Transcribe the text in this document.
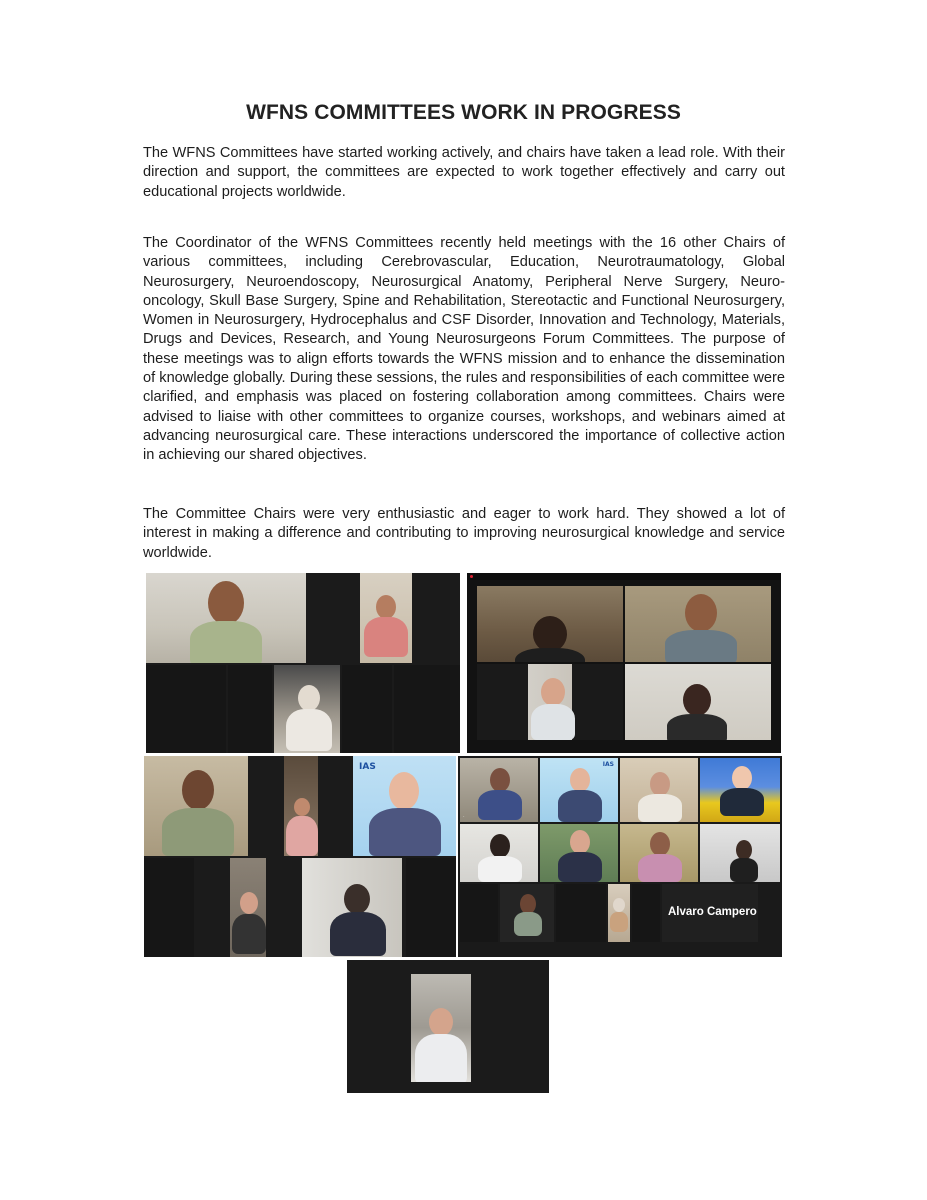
WFNS COMMITTEES WORK IN PROGRESS
The WFNS Committees have started working actively, and chairs have taken a lead role. With their direction and support, the committees are expected to work together effectively and carry out educational projects worldwide.
The Coordinator of the WFNS Committees recently held meetings with the 16 other Chairs of various committees, including Cerebrovascular, Education, Neurotraumatology, Global Neurosurgery, Neuroendoscopy, Neurosurgical Anatomy, Peripheral Nerve Surgery, Neuro-oncology, Skull Base Surgery, Spine and Rehabilitation, Stereotactic and Functional Neurosurgery, Women in Neurosurgery, Hydrocephalus and CSF Disorder, Innovation and Technology, Materials, Drugs and Devices, Research, and Young Neurosurgeons Forum Committees. The purpose of these meetings was to align efforts towards the WFNS mission and to enhance the dissemination of knowledge globally. During these sessions, the rules and responsibilities of each committee were clarified, and emphasis was placed on fostering collaboration among committees. Chairs were advised to liaise with other committees to organize courses, workshops, and webinars aimed at advancing neurosurgical care. These interactions underscored the importance of collective action in achieving our shared objectives.
The Committee Chairs were very enthusiastic and eager to work hard. They showed a lot of interest in making a difference and contributing to improving neurosurgical knowledge and service worldwide.
IAS
·
IAS
Alvaro Campero
